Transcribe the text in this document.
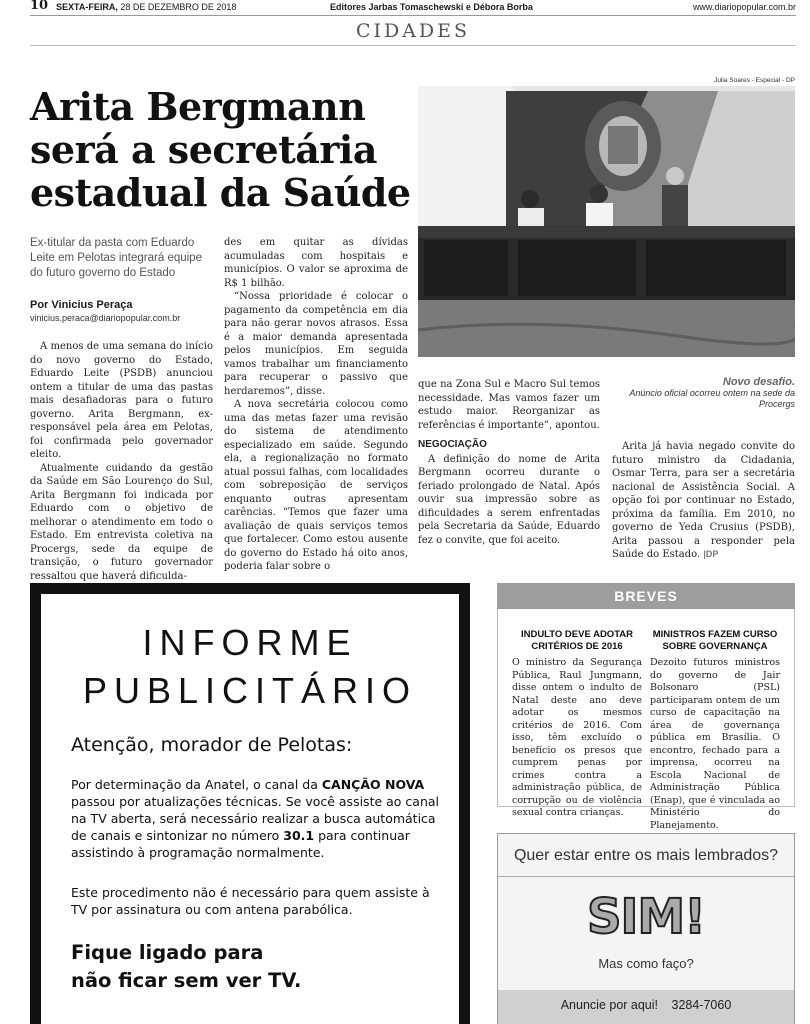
10 SEXTA-FEIRA, 28 DE DEZEMBRO DE 2018	Editores Jarbas Tomaschewski e Débora Borba	www.diariopopular.com.br
CIDADES
Arita Bergmann será a secretária estadual da Saúde
Ex-titular da pasta com Eduardo Leite em Pelotas integrará equipe do futuro governo do Estado
Por Vinicius Peraça
vinicius.peraca@diariopopular.com.br

A menos de uma semana do início do novo governo do Estado, Eduardo Leite (PSDB) anunciou ontem a titular de uma das pastas mais desafiadoras para o futuro governo. Arita Bergmann, ex-responsável pela área em Pelotas, foi confirmada pelo governador eleito.

Atualmente cuidando da gestão da Saúde em São Lourenço do Sul, Arita Bergmann foi indicada por Eduardo com o objetivo de melhorar o atendimento em todo o Estado. Em entrevista coletiva na Procergs, sede da equipe de transição, o futuro governador ressaltou que haverá dificulda-

des em quitar as dívidas acumuladas com hospitais e municípios. O valor se aproxima de R$ 1 bilhão.

“Nossa prioridade é colocar o pagamento da competência em dia para não gerar novos atrasos. Essa é a maior demanda apresentada pelos municípios. Em seguida vamos trabalhar um financiamento para recuperar o passivo que herdaremos”, disse.

A nova secretária colocou como uma das metas fazer uma revisão do sistema de atendimento especializado em saúde. Segundo ela, a regionalização no formato atual possui falhas, com localidades com sobreposição de serviços enquanto outras apresentam carências. “Temos que fazer uma avaliação de quais serviços temos que fortalecer. Como estou ausente do governo do Estado há oito anos, poderia falar sobre o

Julia Soares - Especial - DP
Novo desafio.
Anúncio oficial ocorreu ontem na sede da Procergs

que na Zona Sul e Macro Sul temos necessidade. Mas vamos fazer um estudo maior. Reorganizar as referências é importante”, apontou.

NEGOCIAÇÃO

A definição do nome de Arita Bergmann ocorreu durante o feriado prolongado de Natal. Após ouvir sua impressão sobre as dificuldades a serem enfrentadas pela Secretaria da Saúde, Eduardo fez o convite, que foi aceito.

Arita já havia negado convite do futuro ministro da Cidadania, Osmar Terra, para ser a secretária nacional de Assistência Social. A opção foi por continuar no Estado, próxima da família. Em 2010, no governo de Yeda Crusius (PSDB), Arita passou a responder pela Saúde do Estado. |DP

INFORME
PUBLICITÁRIO
Atenção, morador de Pelotas:
Por determinação da Anatel, o canal da CANÇÃO NOVA passou por atualizações técnicas. Se você assiste ao canal na TV aberta, será necessário realizar a busca automática de canais e sintonizar no número 30.1 para continuar assistindo à programação normalmente.
Este procedimento não é necessário para quem assiste à TV por assinatura ou com antena parabólica.
Fique ligado para
não ficar sem ver TV.
BREVES
INDULTO DEVE ADOTAR CRITÉRIOS DE 2016

O ministro da Segurança Pública, Raul Jungmann, disse ontem o indulto de Natal deste ano deve adotar os mesmos critérios de 2016. Com isso, têm excluído o benefício os presos que cumprem penas por crimes contra a administração pública, de corrupção ou de violência sexual contra crianças.

MINISTROS FAZEM CURSO SOBRE GOVERNANÇA

Dezoito futuros ministros do governo de Jair Bolsonaro (PSL) participaram ontem de um curso de capacitação na área de governança pública em Brasília. O encontro, fechado para a imprensa, ocorreu na Escola Nacional de Administração Pública (Enap), que é vinculada ao Ministério do Planejamento.

Quer estar entre os mais lembrados?
SIM!
Mas como faço?
Anuncie por aqui! 3284-7060
